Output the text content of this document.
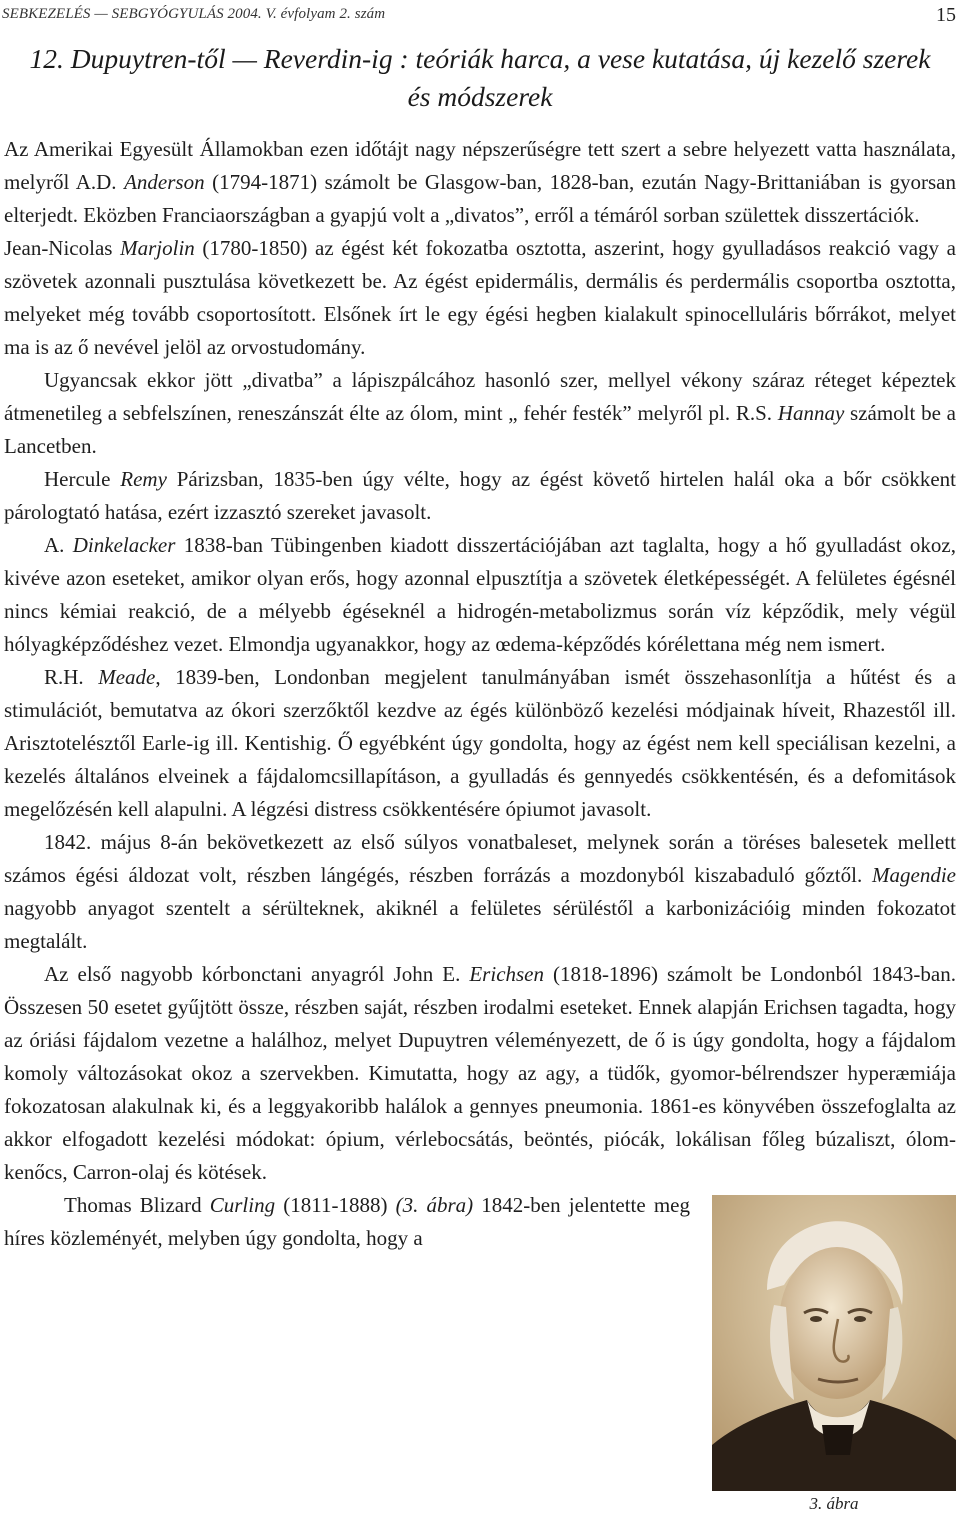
SEBKEZELÉS — SEBGYÓGYULÁS 2004. V. évfolyam 2. szám	15
12. Dupuytren-től — Reverdin-ig : teóriák harca, a vese kutatása, új kezelő szerek
és módszerek

Az Amerikai Egyesült Államokban ezen időtájt nagy népszerűségre tett szert a sebre helyezett vatta használata, melyről A.D. Anderson (1794-1871) számolt be Glasgow-ban, 1828-ban, ezután Nagy-Brittaniában is gyorsan elterjedt. Eközben Franciaországban a gyapjú volt a „divatos”, erről a témáról sorban születtek disszertációk.

Jean-Nicolas Marjolin (1780-1850) az égést két fokozatba osztotta, aszerint, hogy gyulladásos reakció vagy a szövetek azonnali pusztulása következett be. Az égést epidermális, dermális és perdermális csoportba osztotta, melyeket még tovább csoportosított. Elsőnek írt le egy égési hegben kialakult spinocelluláris bőrrákot, melyet ma is az ő nevével jelöl az orvostudomány.

Ugyancsak ekkor jött „divatba” a lápiszpálcához hasonló szer, mellyel vékony száraz réteget képeztek átmenetileg a sebfelszínen, reneszánszát élte az ólom, mint „ fehér festék” melyről pl. R.S. Hannay számolt be a Lancetben.

Hercule Remy Párizsban, 1835-ben úgy vélte, hogy az égést követő hirtelen halál oka a bőr csökkent párologtató hatása, ezért izzasztó szereket javasolt.

A. Dinkelacker 1838-ban Tübingenben kiadott disszertációjában azt taglalta, hogy a hő gyulladást okoz, kivéve azon eseteket, amikor olyan erős, hogy azonnal elpusztítja a szövetek életképességét. A felületes égésnél nincs kémiai reakció, de a mélyebb égéseknél a hidrogén-metabolizmus során víz képződik, mely végül hólyagképződéshez vezet. Elmondja ugyanakkor, hogy az œdema-képződés kórélettana még nem ismert.

R.H. Meade, 1839-ben, Londonban megjelent tanulmányában ismét összehasonlítja a hűtést és a stimulációt, bemutatva az ókori szerzőktől kezdve az égés különböző kezelési módjainak híveit, Rhazestől ill. Arisztotelésztől Earle-ig ill. Kentishig. Ő egyébként úgy gondolta, hogy az égést nem kell speciálisan kezelni, a kezelés általános elveinek a fájdalomcsillapításon, a gyulladás és gennyedés csökkentésén, és a defomitások megelőzésén kell alapulni. A légzési distress csökkentésére ópiumot javasolt.

1842. május 8-án bekövetkezett az első súlyos vonatbaleset, melynek során a töréses balesetek mellett számos égési áldozat volt, részben lángégés, részben forrázás a mozdonyból kiszabaduló gőztől. Magendie nagyobb anyagot szentelt a sérülteknek, akiknél a felületes sérüléstől a karbonizációig minden fokozatot megtalált.

Az első nagyobb kórbonctani anyagról John E. Erichsen (1818-1896) számolt be Londonból 1843-ban. Összesen 50 esetet gyűjtött össze, részben saját, részben irodalmi eseteket. Ennek alapján Erichsen tagadta, hogy az óriási fájdalom vezetne a halálhoz, melyet Dupuytren véleményezett, de ő is úgy gondolta, hogy a fájdalom komoly változásokat okoz a szervekben. Kimutatta, hogy az agy, a tüdők, gyomor-bélrendszer hyperæmiája fokozatosan alakulnak ki, és a leggyakoribb halálok a gennyes pneumonia. 1861-es könyvében összefoglalta az akkor elfogadott kezelési módokat: ópium, vérlebocsátás, beöntés, piócák, lokálisan főleg búzaliszt, ólom-kenőcs, Carron-olaj és kötések.

3. ábra

Thomas Blizard Curling (1811-1888) (3. ábra) 1842-ben jelentette meg híres közleményét, melyben úgy gondolta, hogy a
